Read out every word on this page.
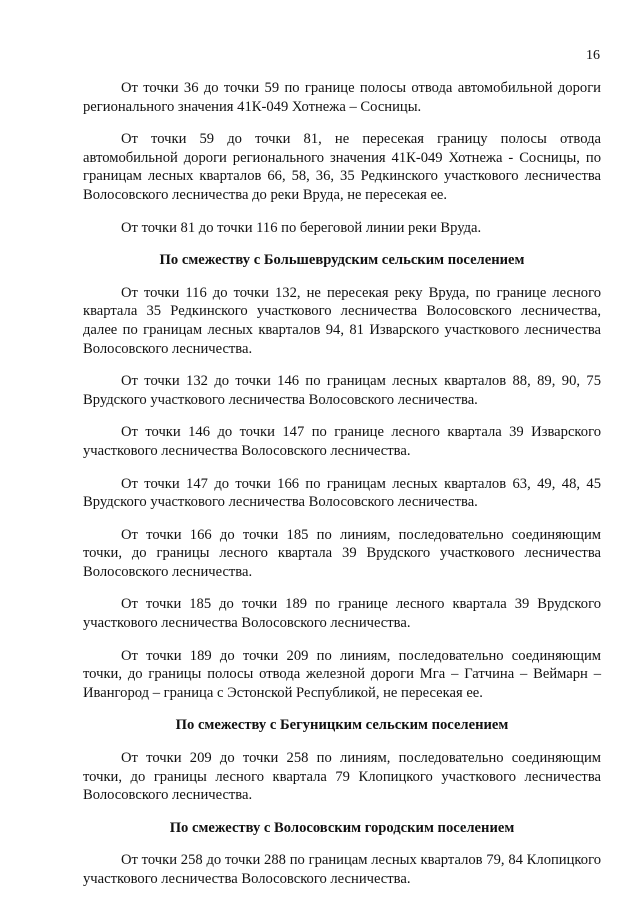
16

От точки 36 до точки 59 по границе полосы отвода автомобильной дороги регионального значения 41К-049 Хотнежа – Сосницы.

От точки 59 до точки 81, не пересекая границу полосы отвода автомобильной дороги регионального значения 41К-049 Хотнежа - Сосницы, по границам лесных кварталов 66, 58, 36, 35 Редкинского участкового лесничества Волосовского лесничества до реки Вруда, не пересекая ее.

От точки 81 до точки 116 по береговой линии реки Вруда.

По смежеству с Большеврудским сельским поселением

От точки 116 до точки 132, не пересекая реку Вруда, по границе лесного квартала 35 Редкинского участкового лесничества Волосовского лесничества, далее по границам лесных кварталов 94, 81 Изварского участкового лесничества Волосовского лесничества.

От точки 132 до точки 146 по границам лесных кварталов 88, 89, 90, 75 Врудского участкового лесничества Волосовского лесничества.

От точки 146 до точки 147 по границе лесного квартала 39 Изварского участкового лесничества Волосовского лесничества.

От точки 147 до точки 166 по границам лесных кварталов 63, 49, 48, 45 Врудского участкового лесничества Волосовского лесничества.

От точки 166 до точки 185 по линиям, последовательно соединяющим точки, до границы лесного квартала 39 Врудского участкового лесничества Волосовского лесничества.

От точки 185 до точки 189 по границе лесного квартала 39 Врудского участкового лесничества Волосовского лесничества.

От точки 189 до точки 209 по линиям, последовательно соединяющим точки, до границы полосы отвода железной дороги Мга – Гатчина – Веймарн – Ивангород – граница с Эстонской Республикой, не пересекая ее.

По смежеству с Бегуницким сельским поселением

От точки 209 до точки 258 по линиям, последовательно соединяющим точки, до границы лесного квартала 79 Клопицкого участкового лесничества Волосовского лесничества.

По смежеству с Волосовским городским поселением

От точки 258 до точки 288 по границам лесных кварталов 79, 84 Клопицкого участкового лесничества Волосовского лесничества.
